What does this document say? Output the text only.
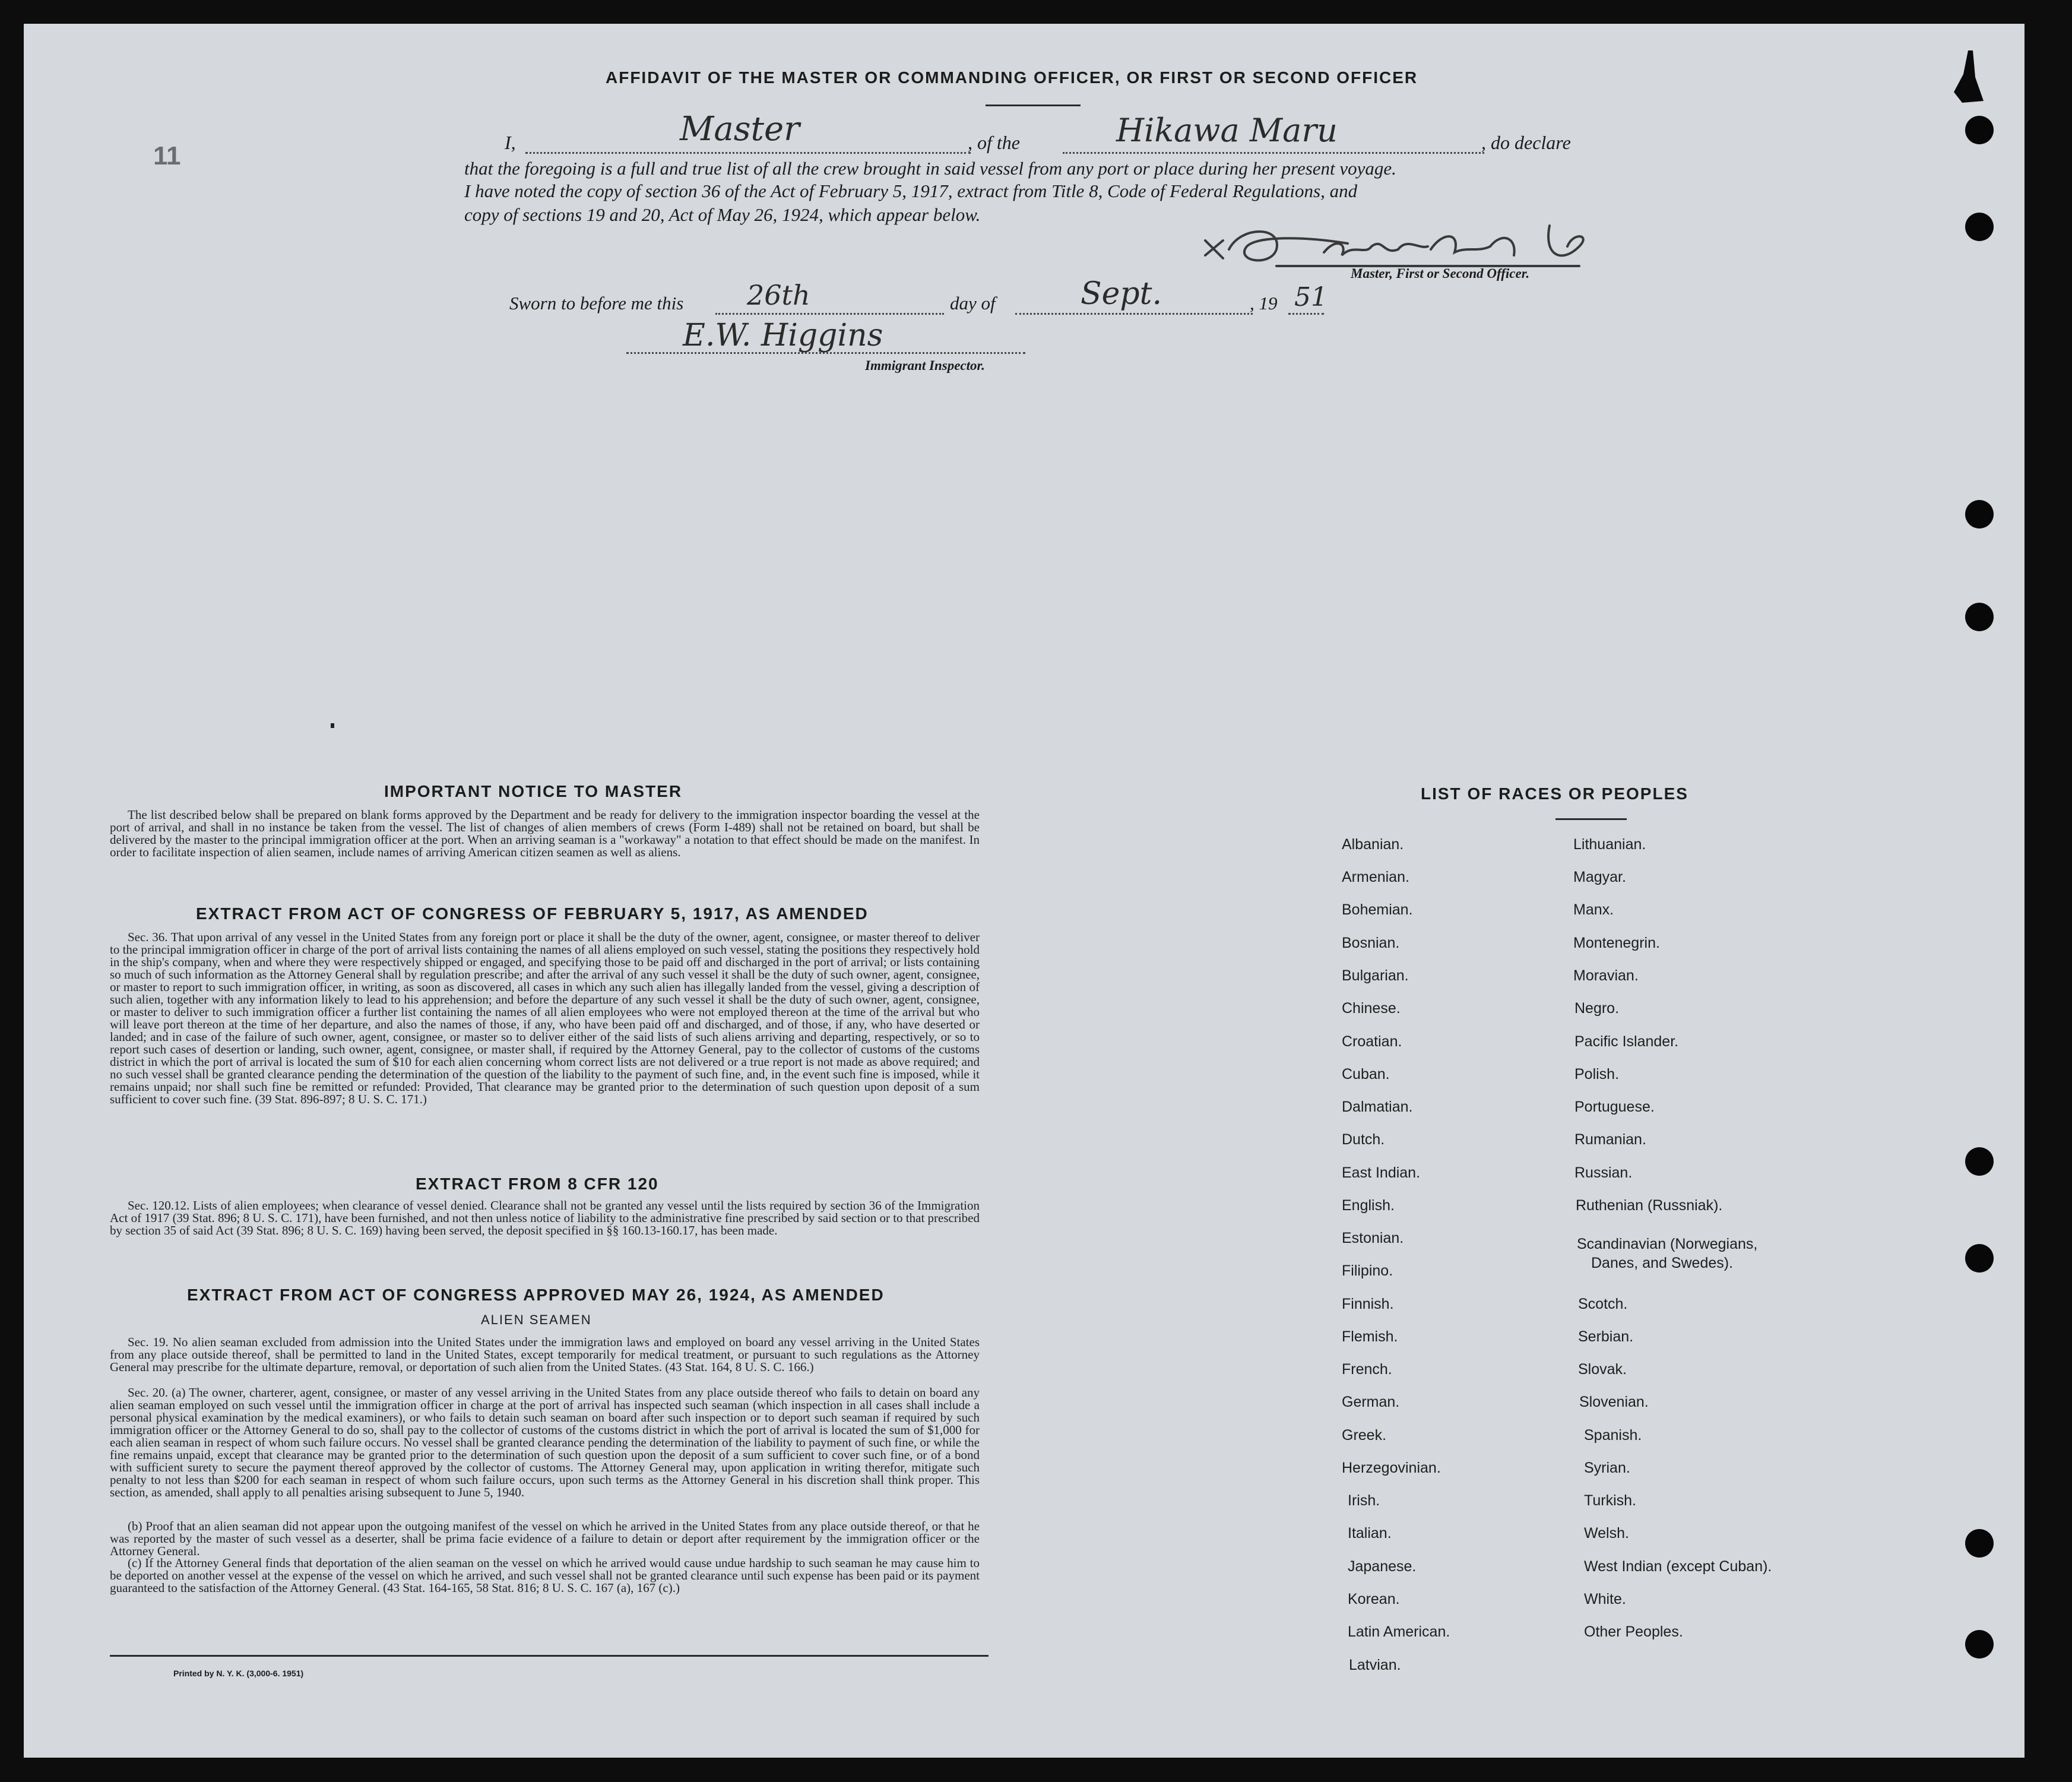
11
AFFIDAVIT OF THE MASTER OR COMMANDING OFFICER, OR FIRST OR SECOND OFFICER
I,	Master	, of the	Hikawa Maru	, do declare
that the foregoing is a full and true list of all the crew brought in said vessel from any port or place during her present voyage.
I have noted the copy of section 36 of the Act of February 5, 1917, extract from Title 8, Code of Federal Regulations, and
copy of sections 19 and 20, Act of May 26, 1924, which appear below.
Master, First or Second Officer.
Sworn to before me this 26th	day of	Sept.	, 19 51
E.W. Higgins
Immigrant Inspector.
IMPORTANT NOTICE TO MASTER
The list described below shall be prepared on blank forms approved by the Department and be ready for delivery to the immigration inspector boarding the vessel at the port of arrival, and shall in no instance be taken from the vessel. The list of changes of alien members of crews (Form I-489) shall not be retained on board, but shall be delivered by the master to the principal immigration officer at the port. When an arriving seaman is a "workaway" a notation to that effect should be made on the manifest. In order to facilitate inspection of alien seamen, include names of arriving American citizen seamen as well as aliens.
EXTRACT FROM ACT OF CONGRESS OF FEBRUARY 5, 1917, AS AMENDED
Sec. 36. That upon arrival of any vessel in the United States from any foreign port or place it shall be the duty of the owner, agent, consignee, or master thereof to deliver to the principal immigration officer in charge of the port of arrival lists containing the names of all aliens employed on such vessel, stating the positions they respectively hold in the ship's company, when and where they were respectively shipped or engaged, and specifying those to be paid off and discharged in the port of arrival; or lists containing so much of such information as the Attorney General shall by regulation prescribe; and after the arrival of any such vessel it shall be the duty of such owner, agent, consignee, or master to report to such immigration officer, in writing, as soon as discovered, all cases in which any such alien has illegally landed from the vessel, giving a description of such alien, together with any information likely to lead to his apprehension; and before the departure of any such vessel it shall be the duty of such owner, agent, consignee, or master to deliver to such immigration officer a further list containing the names of all alien employees who were not employed thereon at the time of the arrival but who will leave port thereon at the time of her departure, and also the names of those, if any, who have been paid off and discharged, and of those, if any, who have deserted or landed; and in case of the failure of such owner, agent, consignee, or master so to deliver either of the said lists of such aliens arriving and departing, respectively, or so to report such cases of desertion or landing, such owner, agent, consignee, or master shall, if required by the Attorney General, pay to the collector of customs of the customs district in which the port of arrival is located the sum of $10 for each alien concerning whom correct lists are not delivered or a true report is not made as above required; and no such vessel shall be granted clearance pending the determination of the question of the liability to the payment of such fine, and, in the event such fine is imposed, while it remains unpaid; nor shall such fine be remitted or refunded: Provided, That clearance may be granted prior to the determination of such question upon deposit of a sum sufficient to cover such fine. (39 Stat. 896-897; 8 U. S. C. 171.)
EXTRACT FROM 8 CFR 120
Sec. 120.12. Lists of alien employees; when clearance of vessel denied. Clearance shall not be granted any vessel until the lists required by section 36 of the Immigration Act of 1917 (39 Stat. 896; 8 U. S. C. 171), have been furnished, and not then unless notice of liability to the administrative fine prescribed by said section or to that prescribed by section 35 of said Act (39 Stat. 896; 8 U. S. C. 169) having been served, the deposit specified in §§ 160.13-160.17, has been made.
EXTRACT FROM ACT OF CONGRESS APPROVED MAY 26, 1924, AS AMENDED
ALIEN SEAMEN
Sec. 19. No alien seaman excluded from admission into the United States under the immigration laws and employed on board any vessel arriving in the United States from any place outside thereof, shall be permitted to land in the United States, except temporarily for medical treatment, or pursuant to such regulations as the Attorney General may prescribe for the ultimate departure, removal, or deportation of such alien from the United States. (43 Stat. 164, 8 U. S. C. 166.)
Sec. 20. (a) The owner, charterer, agent, consignee, or master of any vessel arriving in the United States from any place outside thereof who fails to detain on board any alien seaman employed on such vessel until the immigration officer in charge at the port of arrival has inspected such seaman (which inspection in all cases shall include a personal physical examination by the medical examiners), or who fails to detain such seaman on board after such inspection or to deport such seaman if required by such immigration officer or the Attorney General to do so, shall pay to the collector of customs of the customs district in which the port of arrival is located the sum of $1,000 for each alien seaman in respect of whom such failure occurs. No vessel shall be granted clearance pending the determination of the liability to payment of such fine, or while the fine remains unpaid, except that clearance may be granted prior to the determination of such question upon the deposit of a sum sufficient to cover such fine, or of a bond with sufficient surety to secure the payment thereof approved by the collector of customs. The Attorney General may, upon application in writing therefor, mitigate such penalty to not less than $200 for each seaman in respect of whom such failure occurs, upon such terms as the Attorney General in his discretion shall think proper. This section, as amended, shall apply to all penalties arising subsequent to June 5, 1940.
(b) Proof that an alien seaman did not appear upon the outgoing manifest of the vessel on which he arrived in the United States from any place outside thereof, or that he was reported by the master of such vessel as a deserter, shall be prima facie evidence of a failure to detain or deport after requirement by the immigration officer or the Attorney General.
(c) If the Attorney General finds that deportation of the alien seaman on the vessel on which he arrived would cause undue hardship to such seaman he may cause him to be deported on another vessel at the expense of the vessel on which he arrived, and such vessel shall not be granted clearance until such expense has been paid or its payment guaranteed to the satisfaction of the Attorney General. (43 Stat. 164-165, 58 Stat. 816; 8 U. S. C. 167 (a), 167 (c).)
Printed by N. Y. K. (3,000-6. 1951)
LIST OF RACES OR PEOPLES
Albanian.
Armenian.
Bohemian.
Bosnian.
Bulgarian.
Chinese.
Croatian.
Cuban.
Dalmatian.
Dutch.
East Indian.
English.
Estonian.
Filipino.
Finnish.
Flemish.
French.
German.
Greek.
Herzegovinian.
Irish.
Italian.
Japanese.
Korean.
Latin American.
Latvian.
Lithuanian.
Magyar.
Manx.
Montenegrin.
Moravian.
Negro.
Pacific Islander.
Polish.
Portuguese.
Rumanian.
Russian.
Ruthenian (Russniak).
Scandinavian (Norwegians,
Danes, and Swedes).
Scotch.
Serbian.
Slovak.
Slovenian.
Spanish.
Syrian.
Turkish.
Welsh.
West Indian (except Cuban).
White.
Other Peoples.
